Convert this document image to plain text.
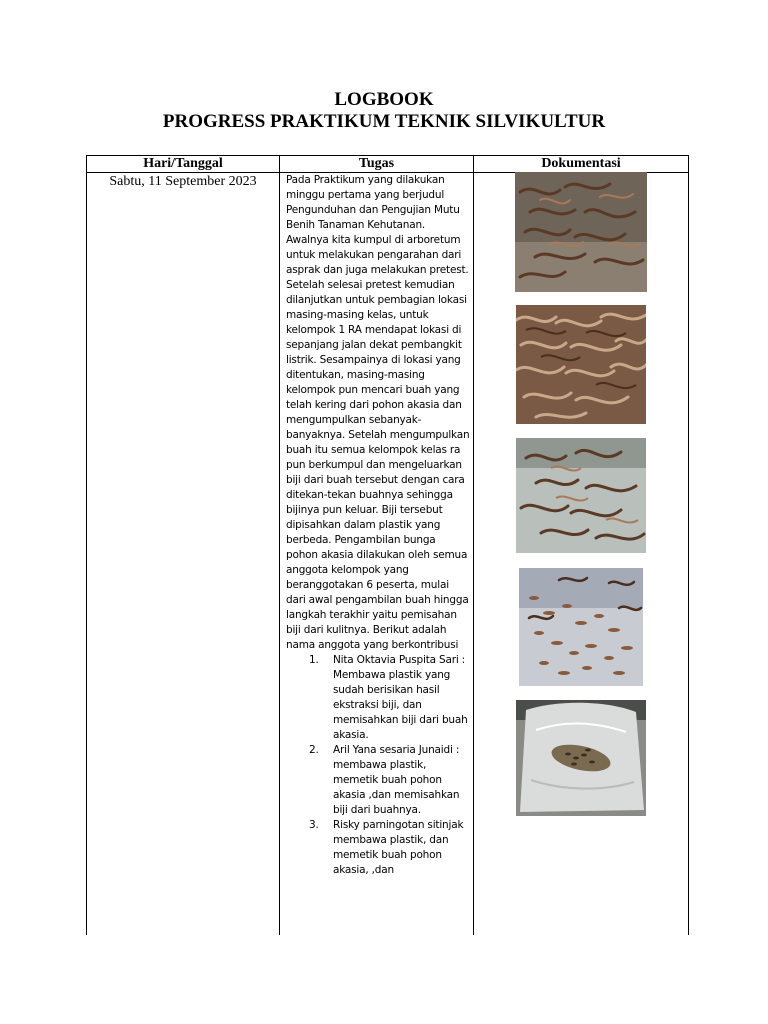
LOGBOOK
PROGRESS PRAKTIKUM TEKNIK SILVIKULTUR
Hari/Tanggal	Tugas	Dokumentasi
Sabtu, 11 September 2023	Pada Praktikum yang dilakukan minggu pertama yang berjudul Pengunduhan dan Pengujian Mutu Benih Tanaman Kehutanan. Awalnya kita kumpul di arboretum untuk melakukan pengarahan dari asprak dan juga melakukan pretest. Setelah selesai pretest kemudian dilanjutkan untuk pembagian lokasi masing-masing kelas, untuk kelompok 1 RA mendapat lokasi di sepanjang jalan dekat pembangkit listrik. Sesampainya di lokasi yang ditentukan, masing-masing kelompok pun mencari buah yang telah kering dari pohon akasia dan mengumpulkan sebanyak-banyaknya. Setelah mengumpulkan buah itu semua kelompok kelas ra pun berkumpul dan mengeluarkan biji dari buah tersebut dengan cara ditekan-tekan buahnya sehingga bijinya pun keluar. Biji tersebut dipisahkan dalam plastik yang berbeda. Pengambilan bunga pohon akasia dilakukan oleh semua anggota kelompok yang beranggotakan 6 peserta, mulai dari awal pengambilan buah hingga langkah terakhir yaitu pemisahan biji dari kulitnya. Berikut adalah nama anggota yang berkontribusi

1. Nita Oktavia Puspita Sari : Membawa plastik yang sudah berisikan hasil ekstraksi biji, dan memisahkan biji dari buah akasia.
2. Aril Yana sesaria Junaidi : membawa plastik, memetik buah pohon akasia ,dan memisahkan biji dari buahnya.
3. Risky parningotan sitinjak membawa plastik, dan memetik buah pohon akasia, ,dan
